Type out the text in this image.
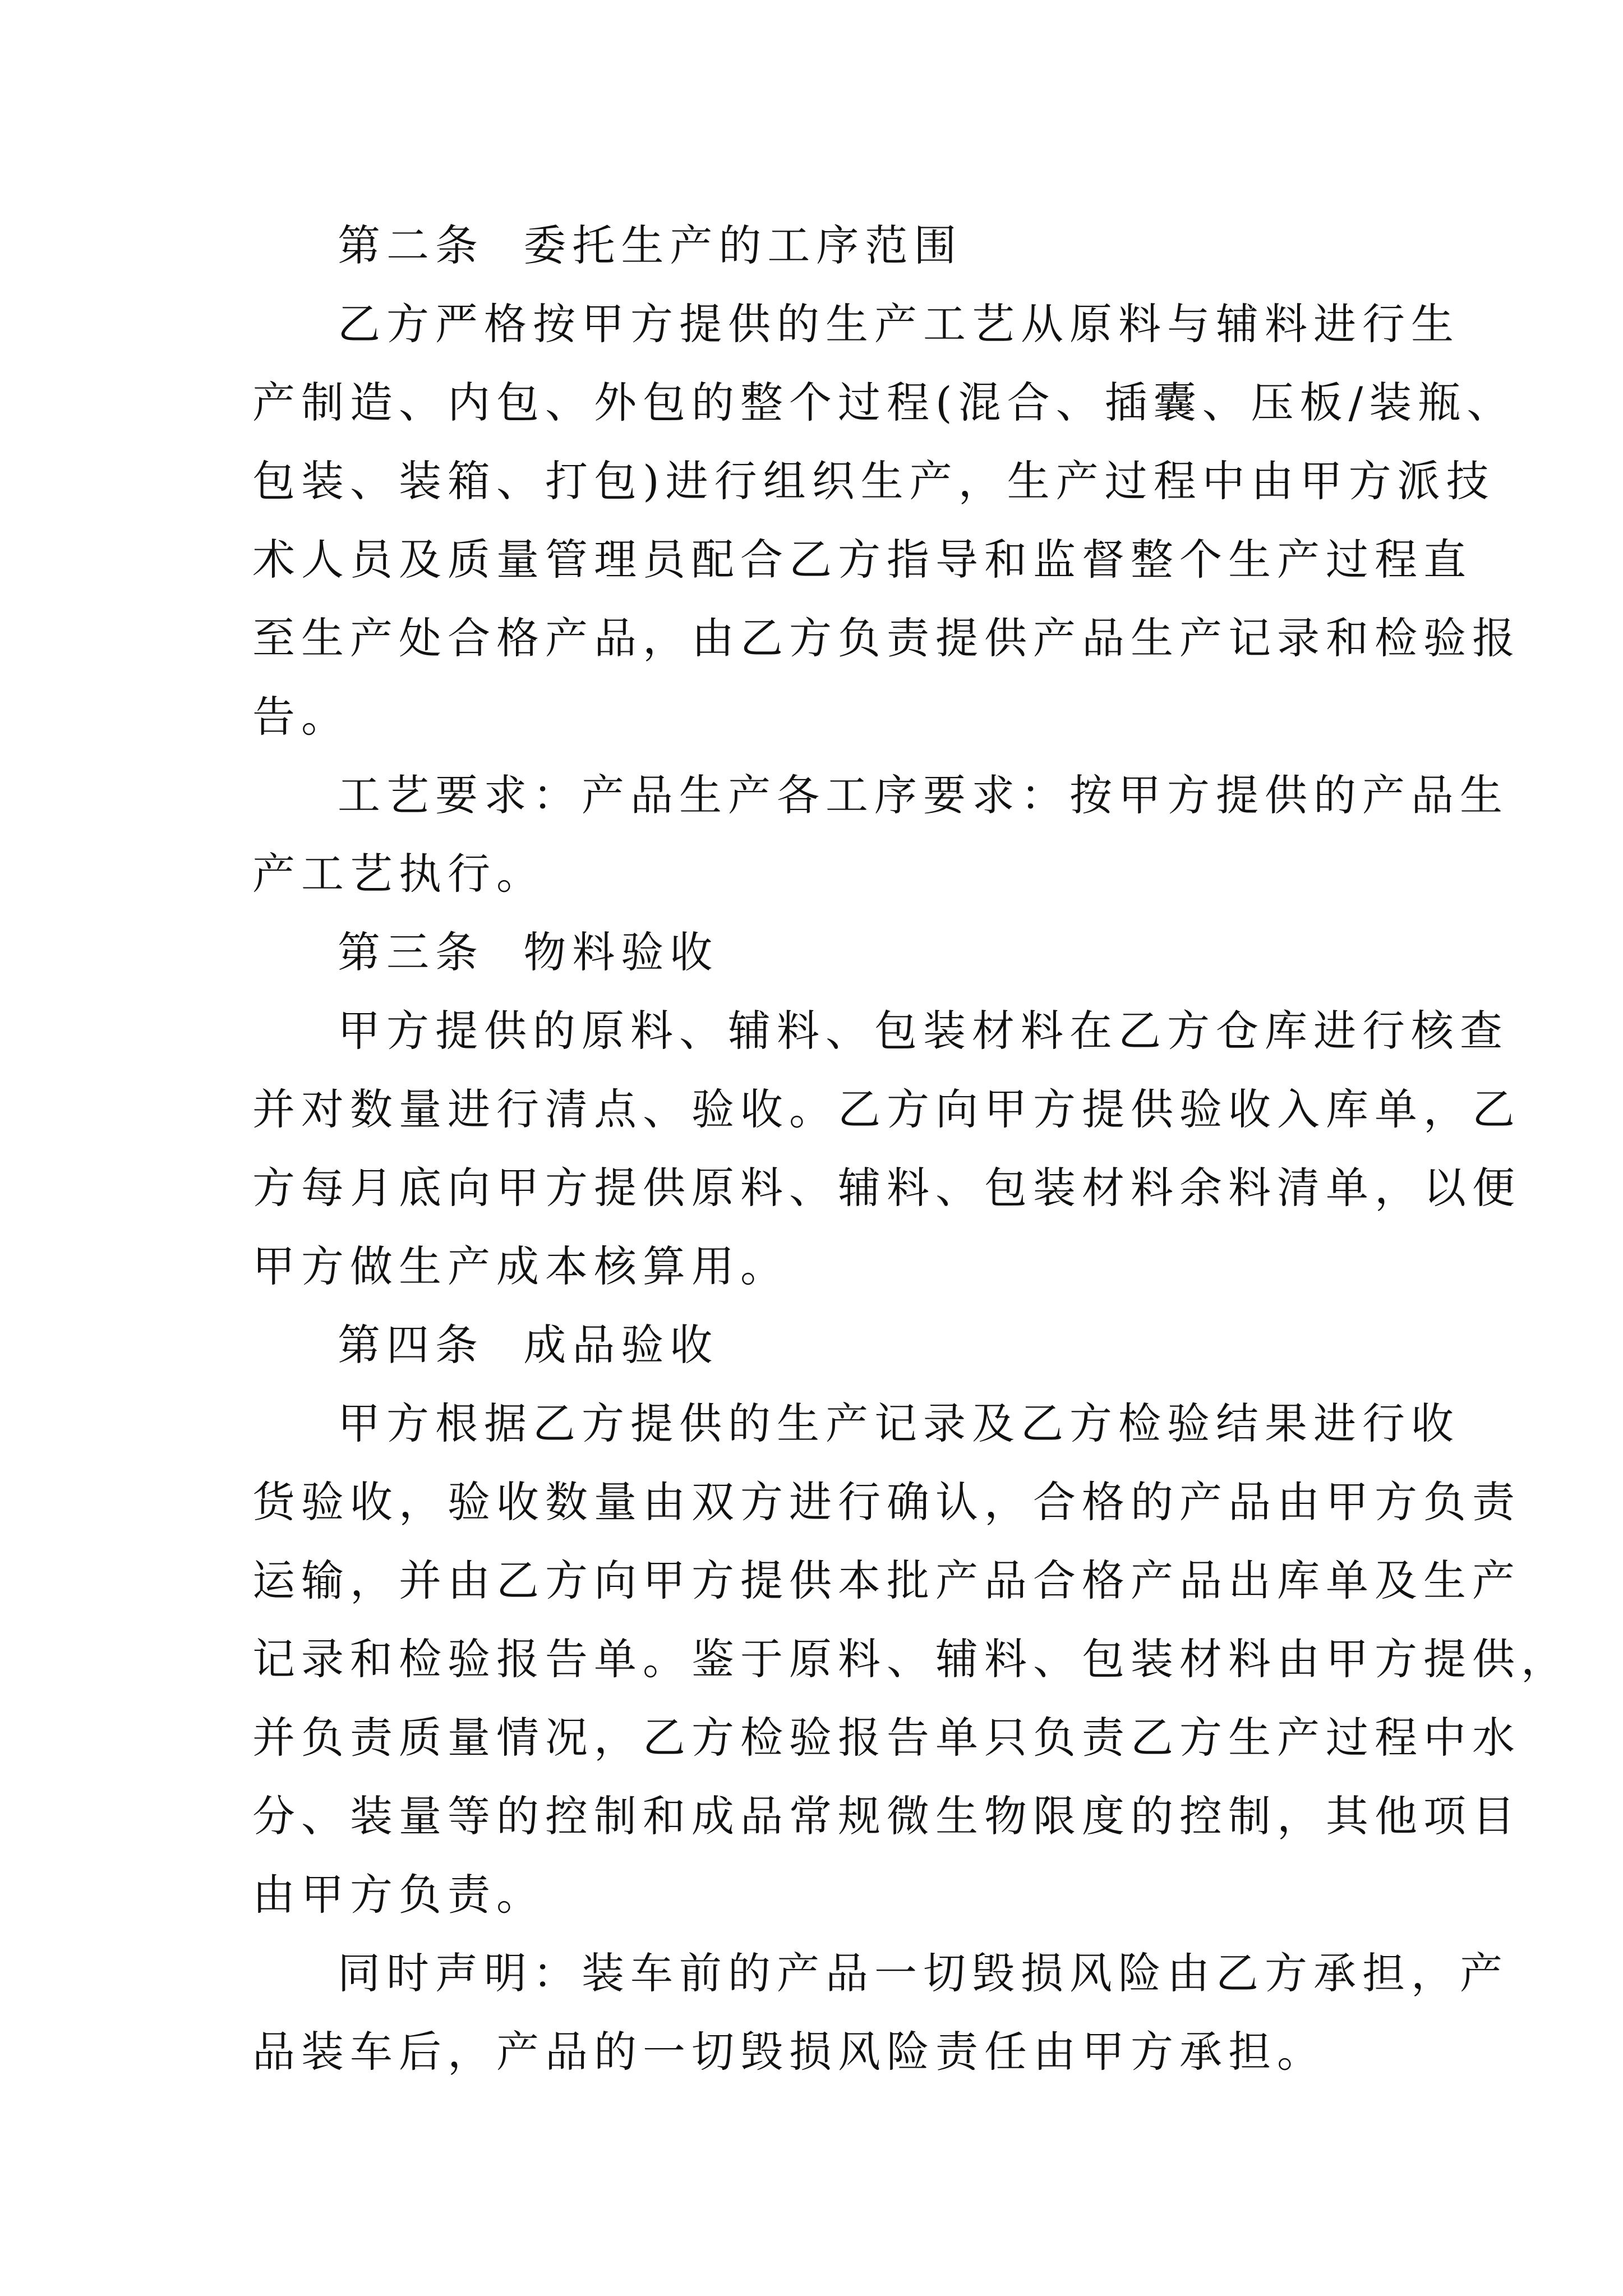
第二条  委托生产的工序范围
乙方严格按甲方提供的生产工艺从原料与辅料进行生
产制造、内包、外包的整个过程(混合、插囊、压板/装瓶、
包装、装箱、打包)进行组织生产，生产过程中由甲方派技
术人员及质量管理员配合乙方指导和监督整个生产过程直
至生产处合格产品，由乙方负责提供产品生产记录和检验报
告。
工艺要求：产品生产各工序要求：按甲方提供的产品生
产工艺执行。
第三条  物料验收
甲方提供的原料、辅料、包装材料在乙方仓库进行核查
并对数量进行清点、验收。乙方向甲方提供验收入库单，乙
方每月底向甲方提供原料、辅料、包装材料余料清单，以便
甲方做生产成本核算用。
第四条  成品验收
甲方根据乙方提供的生产记录及乙方检验结果进行收
货验收，验收数量由双方进行确认，合格的产品由甲方负责
运输，并由乙方向甲方提供本批产品合格产品出库单及生产
记录和检验报告单。鉴于原料、辅料、包装材料由甲方提供，
并负责质量情况，乙方检验报告单只负责乙方生产过程中水
分、装量等的控制和成品常规微生物限度的控制，其他项目
由甲方负责。
同时声明：装车前的产品一切毁损风险由乙方承担，产
品装车后，产品的一切毁损风险责任由甲方承担。
